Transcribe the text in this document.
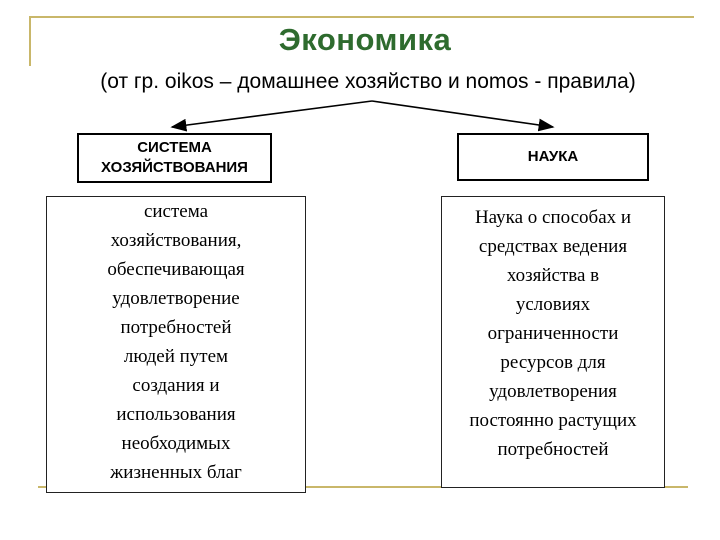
Экономика
(от гр. oikos – домашнее хозяйство и nomos - правила)
СИСТЕМА
ХОЗЯЙСТВОВАНИЯ
НАУКА
система
хозяйствования,
обеспечивающая
удовлетворение
потребностей
людей путем
создания и
использования
необходимых
жизненных благ
Наука о способах и
средствах ведения
хозяйства в
условиях
ограниченности
ресурсов для
удовлетворения
постоянно растущих
потребностей
